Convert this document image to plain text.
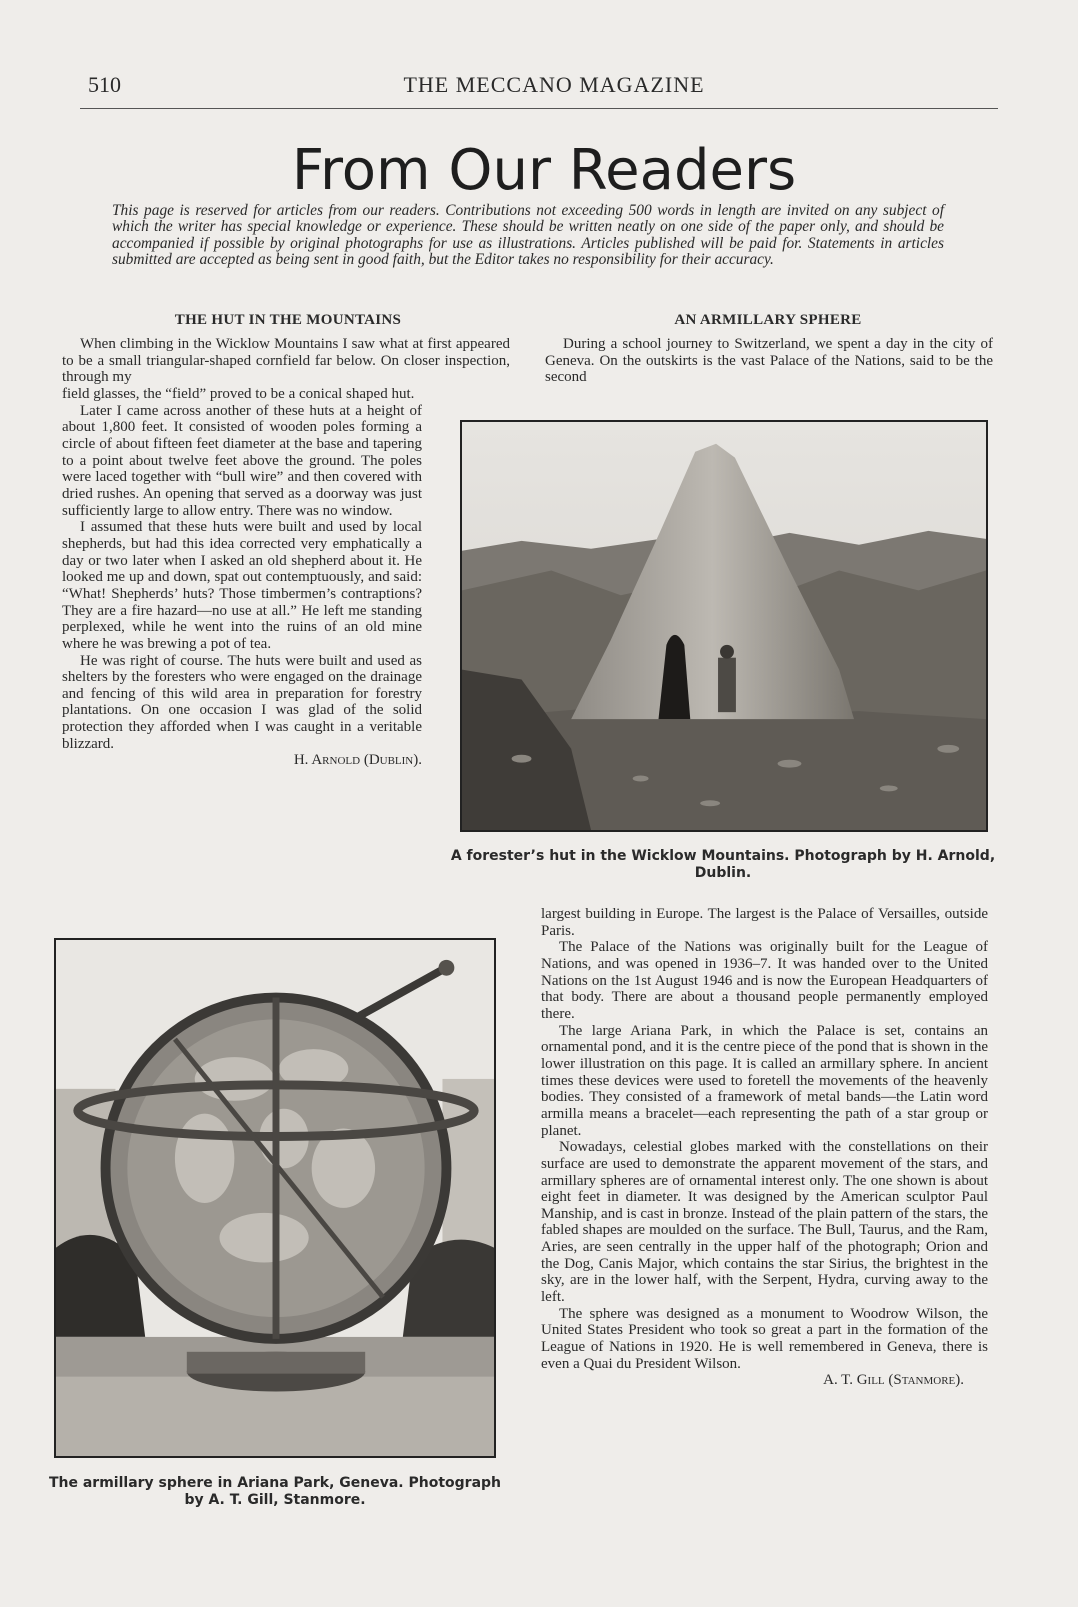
510	THE MECCANO MAGAZINE
From Our Readers
This page is reserved for articles from our readers. Contributions not exceeding 500 words in length are invited on any subject of which the writer has special knowledge or experience. These should be written neatly on one side of the paper only, and should be accompanied if possible by original photographs for use as illustrations. Articles published will be paid for. Statements in articles submitted are accepted as being sent in good faith, but the Editor takes no responsibility for their accuracy.
THE HUT IN THE MOUNTAINS

When climbing in the Wicklow Mountains I saw what at first appeared to be a small triangular-shaped cornfield far below. On closer inspection, through my

field glasses, the “field” proved to be a conical shaped hut.

Later I came across another of these huts at a height of about 1,800 feet. It consisted of wooden poles forming a circle of about fifteen feet diameter at the base and tapering to a point about twelve feet above the ground. The poles were laced together with “bull wire” and then covered with dried rushes. An opening that served as a doorway was just sufficiently large to allow entry. There was no window.

I assumed that these huts were built and used by local shepherds, but had this idea corrected very emphatically a day or two later when I asked an old shepherd about it. He looked me up and down, spat out contemptuously, and said: “What! Shepherds’ huts? Those timbermen’s contraptions? They are a fire hazard—no use at all.” He left me standing perplexed, while he went into the ruins of an old mine where he was brewing a pot of tea.

He was right of course. The huts were built and used as shelters by the foresters who were engaged on the drainage and fencing of this wild area in preparation for forestry plantations. On one occasion I was glad of the solid protection they afforded when I was caught in a veritable blizzard.

H. Arnold (Dublin).
A forester’s hut in the Wicklow Mountains. Photograph by H. Arnold, Dublin.
AN ARMILLARY SPHERE

During a school journey to Switzerland, we spent a day in the city of Geneva. On the outskirts is the vast Palace of the Nations, said to be the second

largest building in Europe. The largest is the Palace of Versailles, outside Paris.

The Palace of the Nations was originally built for the League of Nations, and was opened in 1936–7. It was handed over to the United Nations on the 1st August 1946 and is now the European Headquarters of that body. There are about a thousand people permanently employed there.

The large Ariana Park, in which the Palace is set, contains an ornamental pond, and it is the centre piece of the pond that is shown in the lower illustration on this page. It is called an armillary sphere. In ancient times these devices were used to foretell the movements of the heavenly bodies. They consisted of a framework of metal bands—the Latin word armilla means a bracelet—each representing the path of a star group or planet.

Nowadays, celestial globes marked with the constellations on their surface are used to demonstrate the apparent movement of the stars, and armillary spheres are of ornamental interest only. The one shown is about eight feet in diameter. It was designed by the American sculptor Paul Manship, and is cast in bronze. Instead of the plain pattern of the stars, the fabled shapes are moulded on the surface. The Bull, Taurus, and the Ram, Aries, are seen centrally in the upper half of the photograph; Orion and the Dog, Canis Major, which contains the star Sirius, the brightest in the sky, are in the lower half, with the Serpent, Hydra, curving away to the left.

The sphere was designed as a monument to Woodrow Wilson, the United States President who took so great a part in the formation of the League of Nations in 1920. He is well remembered in Geneva, there is even a Quai du President Wilson.

A. T. Gill (Stanmore).
The armillary sphere in Ariana Park, Geneva. Photograph by A. T. Gill, Stanmore.
